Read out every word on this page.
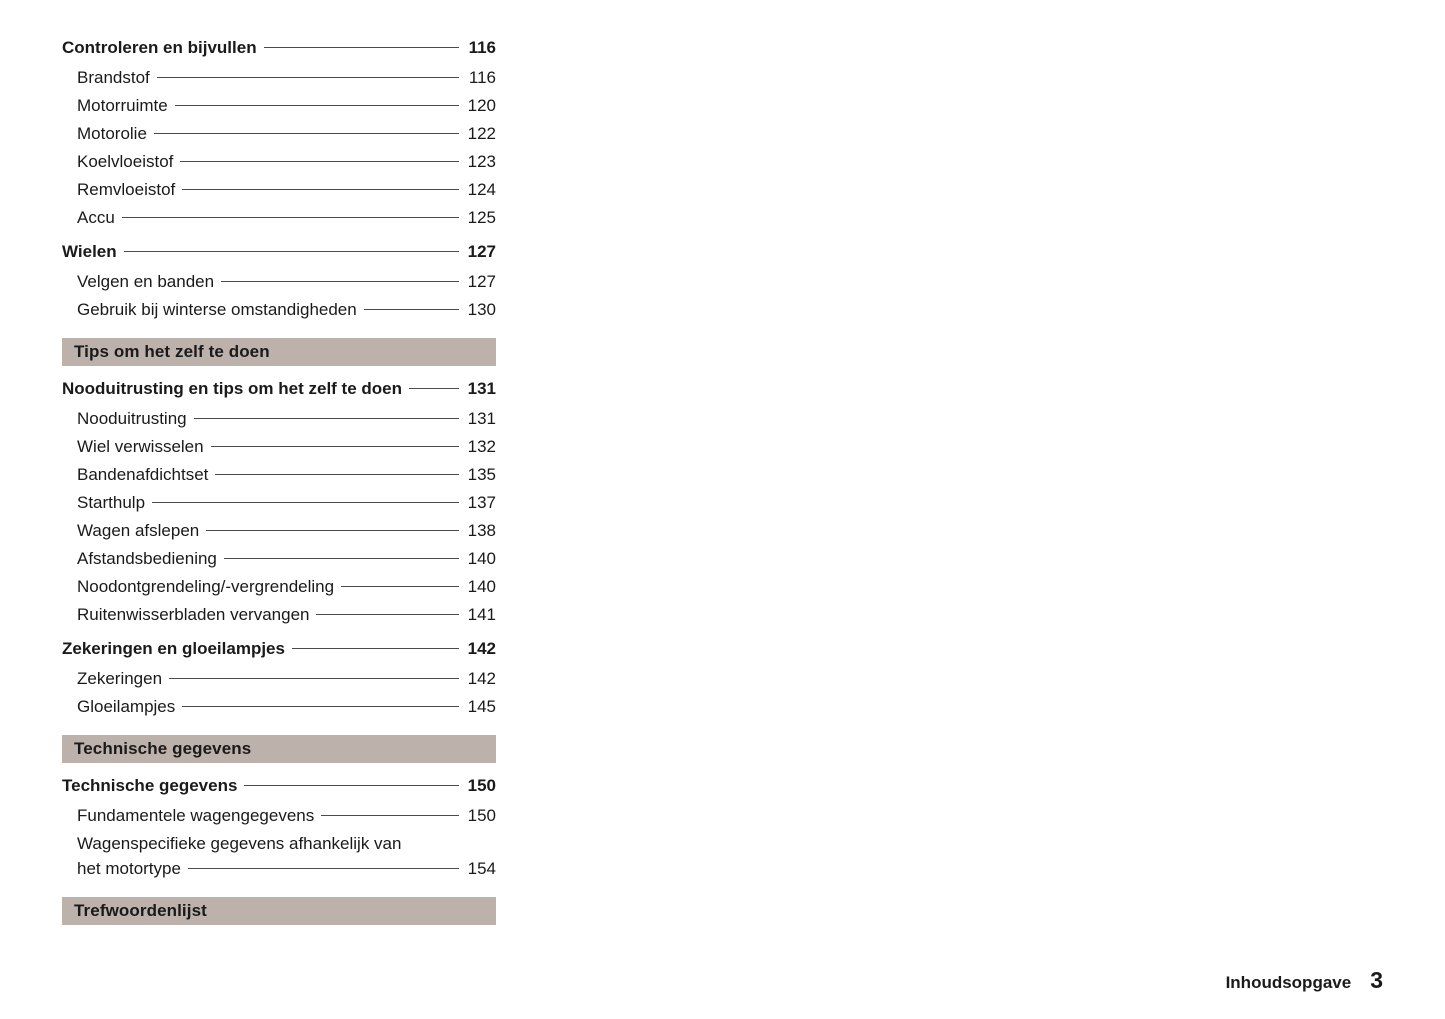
Controleren en bijvullen	116
Brandstof	116
Motorruimte	120
Motorolie	122
Koelvloeistof	123
Remvloeistof	124
Accu	125
Wielen	127
Velgen en banden	127
Gebruik bij winterse omstandigheden	130
Tips om het zelf te doen
Nooduitrusting en tips om het zelf te doen	131
Nooduitrusting	131
Wiel verwisselen	132
Bandenafdichtset	135
Starthulp	137
Wagen afslepen	138
Afstandsbediening	140
Noodontgrendeling/-vergrendeling	140
Ruitenwisserbladen vervangen	141
Zekeringen en gloeilampjes	142
Zekeringen	142
Gloeilampjes	145
Technische gegevens
Technische gegevens	150
Fundamentele wagengegevens	150
Wagenspecifieke gegevens afhankelijk van
het motortype	154
Trefwoordenlijst
Inhoudsopgave 3
